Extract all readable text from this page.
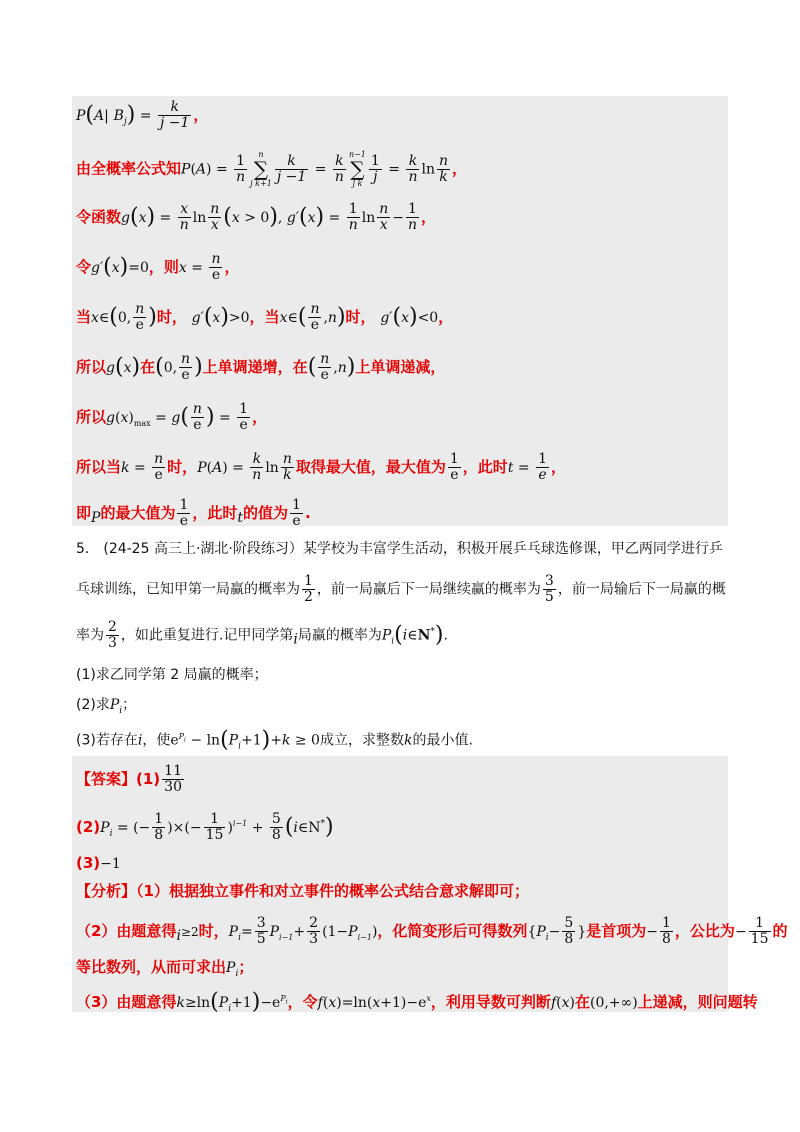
P(A| $B_j) = \frac{k}{j -1}$ ，
由全概率公式知$P(A) = \frac{1}{n}$ n
∑
j $k+1 \frac{k}{j -1} = \frac{k}{n} n-1$
∑
j k $\frac{1}{j} = \frac{k}{n}$ $\ln \frac{n}{k}$ ，
令函数$g(x) = \frac{x}{n}$ $\ln \frac{n}{x} (x > 0)$, $g'(x) = \frac{1}{n}$ $\ln \frac{n}{x} - \frac{1}{n}$ ，
令g′(x)=0，则$x = \frac{n}{e}$ ，
当x∈(0, $\frac{n}{e}$ )时， g′(x)>0，当x∈( $\frac{n}{e} ,n$)时， g′(x)<0，
所以g(x)在(0, $\frac{n}{e}$ )上单调递增，在( $\frac{n}{e} ,n$)上单调递减，
所以$g(x)_{max} = g( \frac{n}{e}$ ) = $\frac{1}{e}$ ，
所以当$k = \frac{n}{e}$ 时，$P(A) = \frac{k}{n}$ $\ln \frac{n}{k}$ 取得最大值，最大值为 $\frac{1}{e}$ ，此时$t = \frac{1}{e}$ ，
即$_P$的最大值为 $\frac{1}{e}$ ，此时$_t$的值为 $\frac{1}{e}$ .
5.　(24-25 高三上·湖北·阶段练习）某学校为丰富学生活动，积极开展乒乓球选修课，甲乙两同学进行乒
乓球训练，已知甲第一局赢的概率为 $\frac{1}{2}$ ，前一局赢后下一局继续赢的概率为 $\frac{3}{5}$ ，前一局输后下一局赢的概
率为 $\frac{2}{3}$ ，如此重复进行.记甲同学第$_i$局赢的概率为$P_i(i\in N^*)$.
(1)求乙同学第 2 局赢的概率；
(2)求$P_i$；
(3)若存在i，使$e^{P_i} - \ln(P_i+1)+k \ge 0$成立，求整数k的最小值.
【答案】$(1) \frac{11}{30}$
$(2)P_i$ = (− $\frac{1}{8}$ )×(− $\frac{1}{15} )^{i-1} + \frac{5}{8}$ (i∈N*)
(3)−1
【分析】（1）根据独立事件和对立事件的概率公式结合意求解即可；
（2）由题意得$_i$≥2时，$P_i= \frac{3}{5} P_{i-1}+ \frac{2}{3} (1-P_{i-1})$，化简变形后可得数列{$P_i- \frac{5}{8}$ }是首项为− $\frac{1}{8}$ ，公比为− $\frac{1}{15}$ 的
等比数列，从而可求出$P_i$；
（3）由题意得$k\ge\ln(P_i+1)-e^{P_i}$，令$f(x)=\ln(x+1)-e^x$，利用导数可判断f(x)在(0,+∞)上递减，则问题转
